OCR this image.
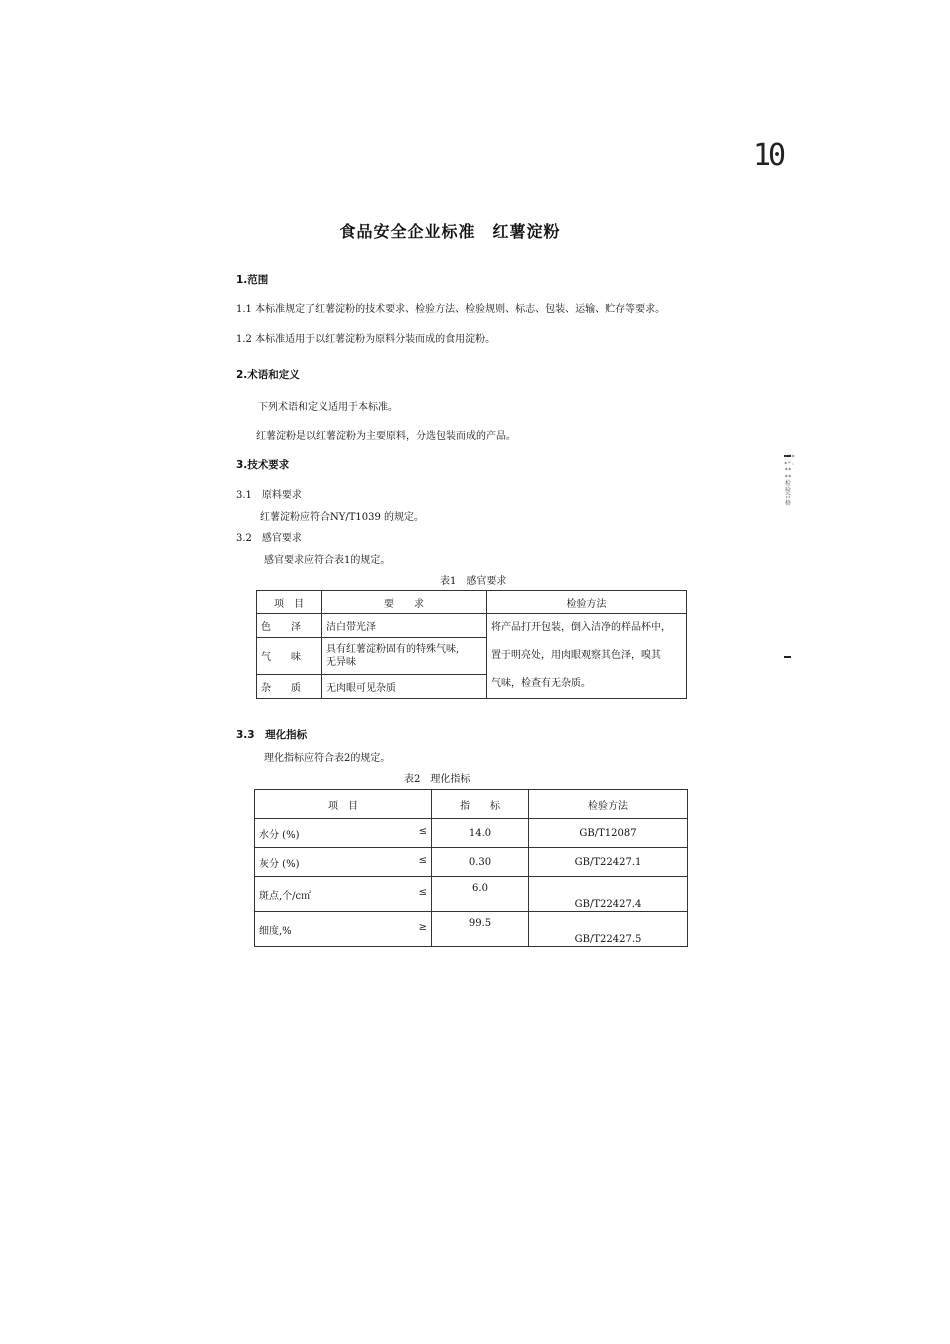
10
食品安全企业标准　红薯淀粉
1.范围
1.1 本标准规定了红薯淀粉的技术要求、检验方法、检验规则、标志、包装、运输、贮存等要求。
1.2 本标准适用于以红薯淀粉为原料分装而成的食用淀粉。
2.术语和定义
下列术语和定义适用于本标准。
红薯淀粉是以红薯淀粉为主要原料，分选包装而成的产品。
3.技术要求
3.1　原料要求
红薯淀粉应符合NY/T1039 的规定。
3.2　感官要求
感官要求应符合表1的规定。
表1　感官要求
项　目	要　　求	检验方法
色　　泽	洁白带光泽	将产品打开包装，倒入洁净的样品杯中，
置于明亮处，用肉眼观察其色泽，嗅其
气味，检查有无杂质。

气　　味	具有红薯淀粉固有的特殊气味,
无异味	

杂　　质	无肉眼可见杂质	
3.3　理化指标
理化指标应符合表2的规定。
表2　理化指标
项　目	指　　标	检验方法

水分 (%) ≤	14.0	GB/T12087

灰分 (%) ≤	0.30	GB/T22427.1

斑点,个/c㎡ ≤	6.0	GB/T22427.4

细度,% ≥	99.5	GB/T22427.5
*"**"·****检验合格
